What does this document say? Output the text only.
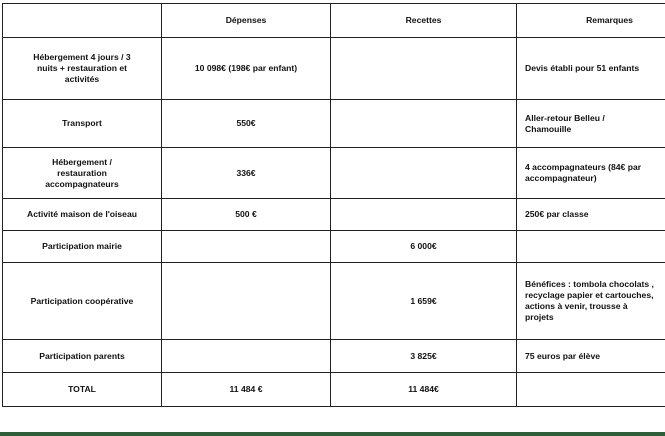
	Dépenses	Recettes	Remarques

Hébergement 4 jours / 3
nuits + restauration et
activités	10 098€ (198€ par enfant)		Devis établi pour 51 enfants

Transport	550€		Aller-retour Belleu /
Chamouille

Hébergement /
restauration
accompagnateurs	336€		4 accompagnateurs (84€ par
accompagnateur)

Activité maison de l'oiseau	500 €		250€ par classe

Participation mairie		6 000€	

Participation coopérative		1 659€	Bénéfices : tombola chocolats ,
recyclage papier et cartouches,
actions à venir, trousse à
projets

Participation parents		3 825€	75 euros par élève

TOTAL	11 484 €	11 484€	
